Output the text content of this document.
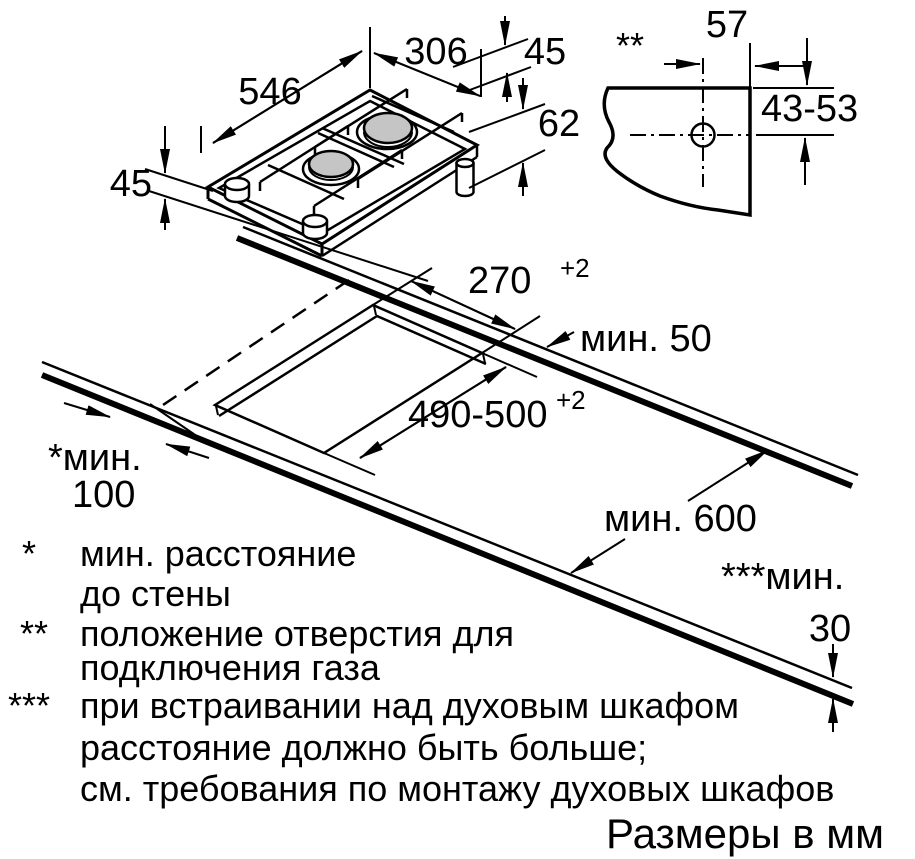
546
306 45
62
45
** 57
43-53
270 +2
мин. 50
490-500 +2
*мин.
100
мин. 600
***мин.
30
* мин. расстояние
до стены
** положение отверстия для
подключения газа
*** при встраивании над духовым шкафом
расстояние должно быть больше;
см. требования по монтажу духовых шкафов
Размеры в мм
